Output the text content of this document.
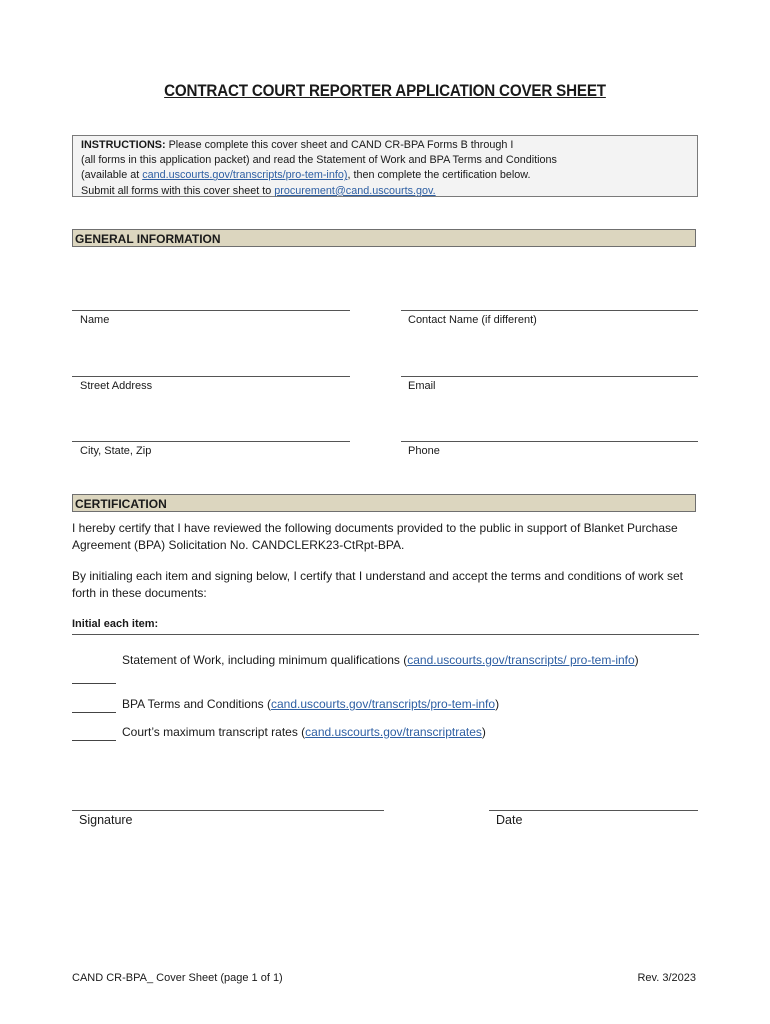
CONTRACT COURT REPORTER APPLICATION COVER SHEET
INSTRUCTIONS: Please complete this cover sheet and CAND CR-BPA Forms B through I
(all forms in this application packet) and read the Statement of Work and BPA Terms and Conditions
(available at cand.uscourts.gov/transcripts/pro-tem-info), then complete the certification below.
Submit all forms with this cover sheet to procurement@cand.uscourts.gov.
GENERAL INFORMATION
Name	Contact Name (if different)
Street Address	Email
City, State, Zip	Phone
CERTIFICATION
I hereby certify that I have reviewed the following documents provided to the public in support of Blanket Purchase Agreement (BPA) Solicitation No. CANDCLERK23-CtRpt-BPA.
By initialing each item and signing below, I certify that I understand and accept the terms and conditions of work set forth in these documents:
Initial each item:
Statement of Work, including minimum qualifications (cand.uscourts.gov/transcripts/ pro-tem-info)
BPA Terms and Conditions (cand.uscourts.gov/transcripts/pro-tem-info)
Court’s maximum transcript rates (cand.uscourts.gov/transcriptrates)
Signature	Date
CAND CR-BPA_ Cover Sheet (page 1 of 1)	Rev. 3/2023
